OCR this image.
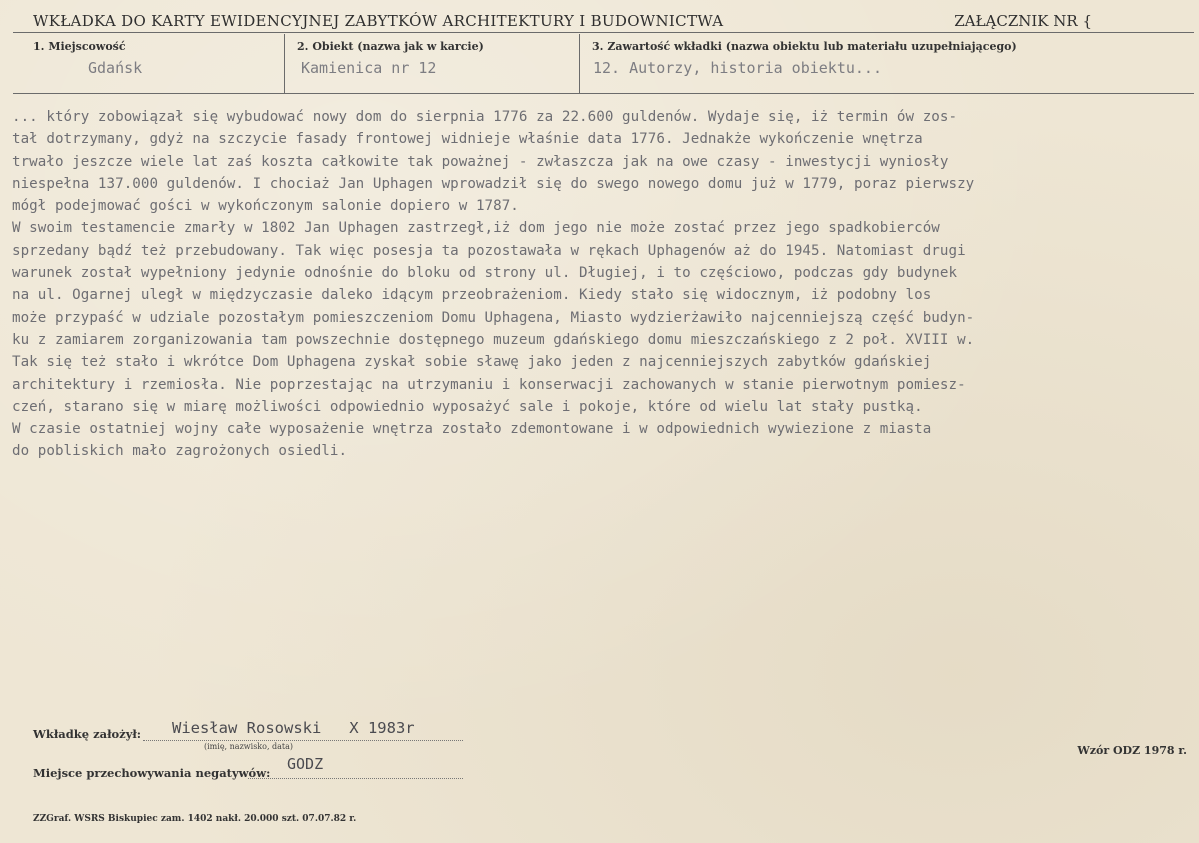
WKŁADKA DO KARTY EWIDENCYJNEJ ZABYTKÓW ARCHITEKTURY I BUDOWNICTWA	ZAŁĄCZNIK NR {
1. Miejscowość
Gdańsk
2. Obiekt (nazwa jak w karcie)
Kamienica nr 12
3. Zawartość wkładki (nazwa obiektu lub materiału uzupełniającego)
12. Autorzy, historia obiektu...
... który zobowiązał się wybudować nowy dom do sierpnia 1776 za 22.600 guldenów. Wydaje się, iż termin ów zos-
tał dotrzymany, gdyż na szczycie fasady frontowej widnieje właśnie data 1776. Jednakże wykończenie wnętrza
trwało jeszcze wiele lat zaś koszta całkowite tak poważnej - zwłaszcza jak na owe czasy - inwestycji wyniosły
niespełna 137.000 guldenów. I chociaż Jan Uphagen wprowadził się do swego nowego domu już w 1779, poraz pierwszy
mógł podejmować gości w wykończonym salonie dopiero w 1787.
W swoim testamencie zmarły w 1802 Jan Uphagen zastrzegł,iż dom jego nie może zostać przez jego spadkobierców
sprzedany bądź też przebudowany. Tak więc posesja ta pozostawała w rękach Uphagenów aż do 1945. Natomiast drugi
warunek został wypełniony jedynie odnośnie do bloku od strony ul. Długiej, i to częściowo, podczas gdy budynek
na ul. Ogarnej uległ w międzyczasie daleko idącym przeobrażeniom. Kiedy stało się widocznym, iż podobny los
może przypaść w udziale pozostałym pomieszczeniom Domu Uphagena, Miasto wydzierżawiło najcenniejszą część budyn-
ku z zamiarem zorganizowania tam powszechnie dostępnego muzeum gdańskiego domu mieszczańskiego z 2 poł. XVIII w.
Tak się też stało i wkrótce Dom Uphagena zyskał sobie sławę jako jeden z najcenniejszych zabytków gdańskiej
architektury i rzemiosła. Nie poprzestając na utrzymaniu i konserwacji zachowanych w stanie pierwotnym pomiesz-
czeń, starano się w miarę możliwości odpowiednio wyposażyć sale i pokoje, które od wielu lat stały pustką.
W czasie ostatniej wojny całe wyposażenie wnętrza zostało zdemontowane i w odpowiednich wywiezione z miasta
do pobliskich mało zagrożonych osiedli.
Wkładkę założył: Wiesław Rosowski   X 1983r
(imię, nazwisko, data)
Miejsce przechowywania negatywów: GODZ
Wzór ODZ 1978 r.
ZZGraf. WSRS Biskupiec zam. 1402 nakł. 20.000 szt. 07.07.82 r.
